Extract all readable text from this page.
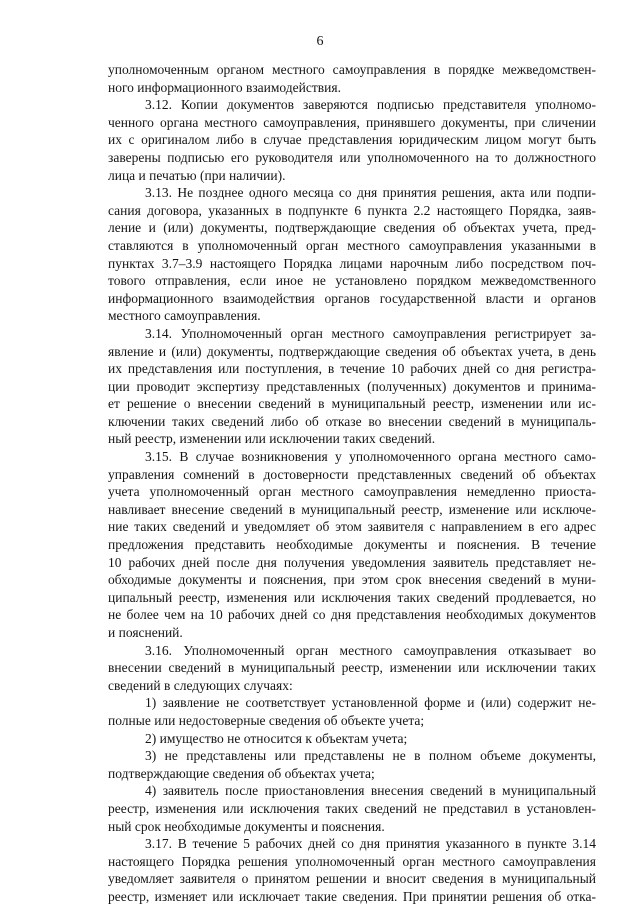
6
уполномоченным органом местного самоуправления в порядке межведомствен-
ного информационного взаимодействия.
3.12. Копии документов заверяются подписью представителя уполномо-
ченного органа местного самоуправления, принявшего документы, при сличении
их с оригиналом либо в случае представления юридическим лицом могут быть
заверены подписью его руководителя или уполномоченного на то должностного
лица и печатью (при наличии).
3.13. Не позднее одного месяца со дня принятия решения, акта или подпи-
сания договора, указанных в подпункте 6 пункта 2.2 настоящего Порядка, заяв-
ление и (или) документы, подтверждающие сведения об объектах учета, пред-
ставляются в уполномоченный орган местного самоуправления указанными в
пунктах 3.7–3.9 настоящего Порядка лицами нарочным либо посредством поч-
тового отправления, если иное не установлено порядком межведомственного
информационного взаимодействия органов государственной власти и органов
местного самоуправления.
3.14. Уполномоченный орган местного самоуправления регистрирует за-
явление и (или) документы, подтверждающие сведения об объектах учета, в день
их представления или поступления, в течение 10 рабочих дней со дня регистра-
ции проводит экспертизу представленных (полученных) документов и принима-
ет решение о внесении сведений в муниципальный реестр, изменении или ис-
ключении таких сведений либо об отказе во внесении сведений в муниципаль-
ный реестр, изменении или исключении таких сведений.
3.15. В случае возникновения у уполномоченного органа местного само-
управления сомнений в достоверности представленных сведений об объектах
учета уполномоченный орган местного самоуправления немедленно приоста-
навливает внесение сведений в муниципальный реестр, изменение или исключе-
ние таких сведений и уведомляет об этом заявителя с направлением в его адрес
предложения представить необходимые документы и пояснения. В течение
10 рабочих дней после дня получения уведомления заявитель представляет не-
обходимые документы и пояснения, при этом срок внесения сведений в муни-
ципальный реестр, изменения или исключения таких сведений продлевается, но
не более чем на 10 рабочих дней со дня представления необходимых документов
и пояснений.
3.16. Уполномоченный орган местного самоуправления отказывает во
внесении сведений в муниципальный реестр, изменении или исключении таких
сведений в следующих случаях:
1) заявление не соответствует установленной форме и (или) содержит не-
полные или недостоверные сведения об объекте учета;
2) имущество не относится к объектам учета;
3) не представлены или представлены не в полном объеме документы,
подтверждающие сведения об объектах учета;
4) заявитель после приостановления внесения сведений в муниципальный
реестр, изменения или исключения таких сведений не представил в установлен-
ный срок необходимые документы и пояснения.
3.17. В течение 5 рабочих дней со дня принятия указанного в пункте 3.14
настоящего Порядка решения уполномоченный орган местного самоуправления
уведомляет заявителя о принятом решении и вносит сведения в муниципальный
реестр, изменяет или исключает такие сведения. При принятии решения об отка-
